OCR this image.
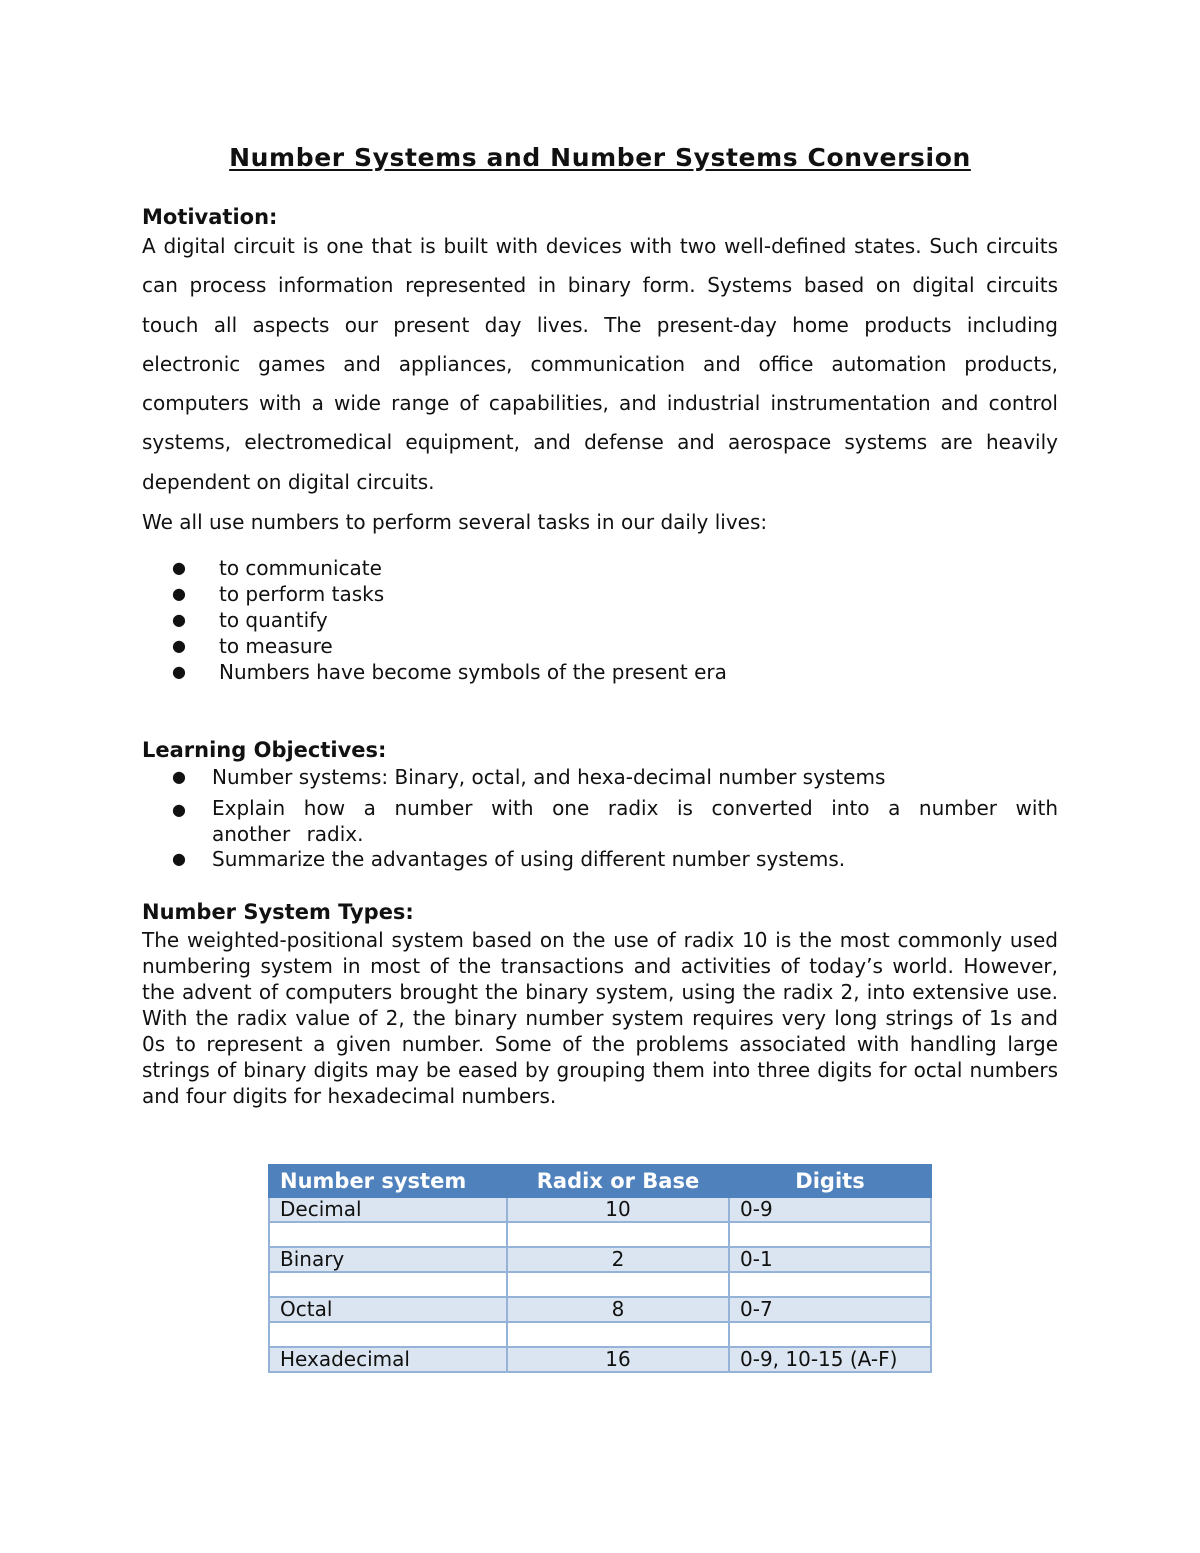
Number Systems and Number Systems Conversion
Motivation:
A digital circuit is one that is built with devices with two well-defined states. Such circuits can process information represented in binary form. Systems based on digital circuits touch all aspects our present day lives. The present-day home products including electronic games and appliances, communication and office automation products, computers with a wide range of capabilities, and industrial instrumentation and control systems, electromedical equipment, and defense and aerospace systems are heavily dependent on digital circuits.
We all use numbers to perform several tasks in our daily lives:
● to communicate
● to perform tasks
● to quantify
● to measure
● Numbers have become symbols of the present era
Learning Objectives:
● Number systems: Binary, octal, and hexa-decimal number systems
● Explain how a number with one radix is converted into a number with another radix.
● Summarize the advantages of using different number systems.
Number System Types:
The weighted-positional system based on the use of radix 10 is the most commonly used numbering system in most of the transactions and activities of today’s world. However, the advent of computers brought the binary system, using the radix 2, into extensive use. With the radix value of 2, the binary number system requires very long strings of 1s and 0s to represent a given number. Some of the problems associated with handling large strings of binary digits may be eased by grouping them into three digits for octal numbers and four digits for hexadecimal numbers.
Number system	Radix or Base	Digits
Decimal	10	0-9

Binary	2	0-1

Octal	8	0-7

Hexadecimal	16	0-9, 10-15 (A-F)
